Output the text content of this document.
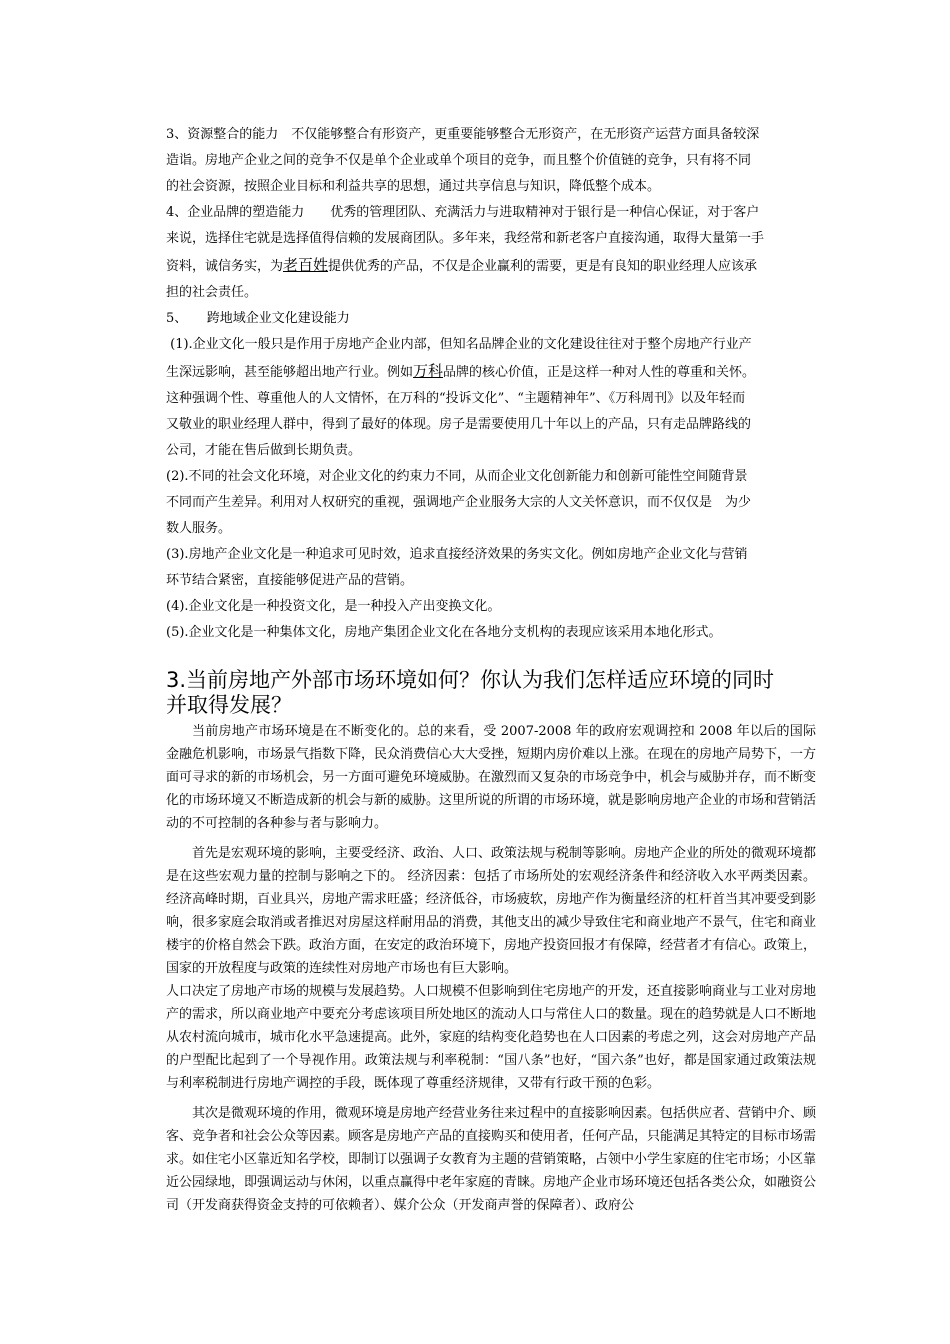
3、资源整合的能力　不仅能够整合有形资产，更重要能够整合无形资产，在无形资产运营方面具备较深

造诣。房地产企业之间的竞争不仅是单个企业或单个项目的竞争，而且整个价值链的竞争，只有将不同

的社会资源，按照企业目标和利益共享的思想，通过共享信息与知识，降低整个成本。

4、企业品牌的塑造能力　　优秀的管理团队、充满活力与进取精神对于银行是一种信心保证，对于客户

来说，选择住宅就是选择值得信赖的发展商团队。多年来，我经常和新老客户直接沟通，取得大量第一手

资料，诚信务实，为老百姓提供优秀的产品，不仅是企业赢利的需要，更是有良知的职业经理人应该承

担的社会责任。

5、　　跨地域企业文化建设能力

(1).企业文化一般只是作用于房地产企业内部，但知名品牌企业的文化建设往往对于整个房地产行业产

生深远影响，甚至能够超出地产行业。例如万科品牌的核心价值，正是这样一种对人性的尊重和关怀。

这种强调个性、尊重他人的人文情怀，在万科的“投诉文化”、“主题精神年”、《万科周刊》以及年轻而

又敬业的职业经理人群中，得到了最好的体现。房子是需要使用几十年以上的产品，只有走品牌路线的

公司，才能在售后做到长期负责。

(2).不同的社会文化环境，对企业文化的约束力不同，从而企业文化创新能力和创新可能性空间随背景

不同而产生差异。利用对人权研究的重视，强调地产企业服务大宗的人文关怀意识，而不仅仅是　为少

数人服务。

(3).房地产企业文化是一种追求可见时效，追求直接经济效果的务实文化。例如房地产企业文化与营销

环节结合紧密，直接能够促进产品的营销。

(4).企业文化是一种投资文化，是一种投入产出变换文化。

(5).企业文化是一种集体文化，房地产集团企业文化在各地分支机构的表现应该采用本地化形式。

3.当前房地产外部市场环境如何？你认为我们怎样适应环境的同时
并取得发展？

当前房地产市场环境是在不断变化的。总的来看，受 2007-2008 年的政府宏观调控和 2008 年以后的国际金融危机影响，市场景气指数下降，民众消费信心大大受挫，短期内房价难以上涨。在现在的房地产局势下，一方面可寻求的新的市场机会，另一方面可避免环境威胁。在激烈而又复杂的市场竞争中，机会与威胁并存，而不断变化的市场环境又不断造成新的机会与新的威胁。这里所说的所谓的市场环境，就是影响房地产企业的市场和营销活动的不可控制的各种参与者与影响力。

首先是宏观环境的影响，主要受经济、政治、人口、政策法规与税制等影响。房地产企业的所处的微观环境都是在这些宏观力量的控制与影响之下的。 经济因素：包括了市场所处的宏观经济条件和经济收入水平两类因素。经济高峰时期，百业具兴，房地产需求旺盛；经济低谷，市场疲软，房地产作为衡量经济的杠杆首当其冲要受到影响，很多家庭会取消或者推迟对房屋这样耐用品的消费，其他支出的减少导致住宅和商业地产不景气，住宅和商业楼宇的价格自然会下跌。政治方面，在安定的政治环境下，房地产投资回报才有保障，经营者才有信心。政策上，国家的开放程度与政策的连续性对房地产市场也有巨大影响。

人口决定了房地产市场的规模与发展趋势。人口规模不但影响到住宅房地产的开发，还直接影响商业与工业对房地产的需求，所以商业地产中要充分考虑该项目所处地区的流动人口与常住人口的数量。现在的趋势就是人口不断地从农村流向城市，城市化水平急速提高。此外，家庭的结构变化趋势也在人口因素的考虑之列，这会对房地产产品的户型配比起到了一个导视作用。政策法规与利率税制：“国八条”也好，“国六条”也好，都是国家通过政策法规与利率税制进行房地产调控的手段，既体现了尊重经济规律，又带有行政干预的色彩。

其次是微观环境的作用，微观环境是房地产经营业务往来过程中的直接影响因素。包括供应者、营销中介、顾客、竞争者和社会公众等因素。顾客是房地产产品的直接购买和使用者，任何产品，只能满足其特定的目标市场需求。如住宅小区靠近知名学校，即制订以强调子女教育为主题的营销策略，占领中小学生家庭的住宅市场；小区靠近公园绿地，即强调运动与休闲，以重点赢得中老年家庭的青睐。房地产企业市场环境还包括各类公众，如融资公司（开发商获得资金支持的可依赖者）、媒介公众（开发商声誉的保障者）、政府公
